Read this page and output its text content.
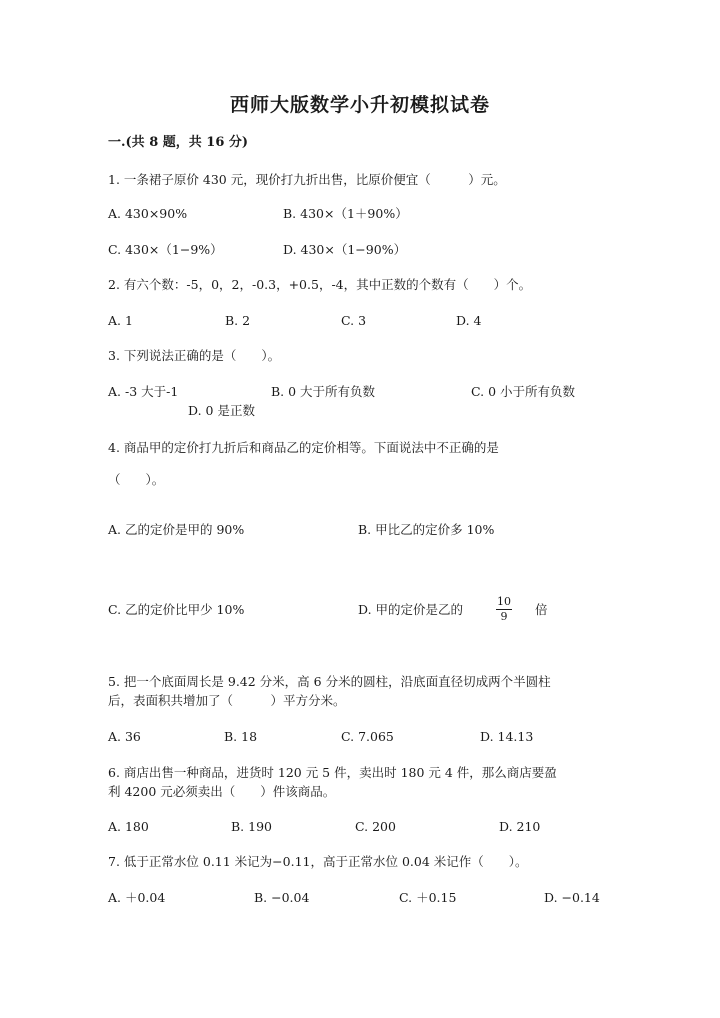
西师大版数学小升初模拟试卷
一.(共 8 题，共 16 分)
1. 一条裙子原价 430 元，现价打九折出售，比原价便宜（　　　）元。
A. 430×90%	B. 430×（1＋90%）
C. 430×（1−9%）	D. 430×（1−90%）
2. 有六个数：-5，0，2，-0.3，+0.5，-4，其中正数的个数有（　　）个。
A. 1	B. 2	C. 3	D. 4
3. 下列说法正确的是（　　）。
A. -3 大于-1	B. 0 大于所有负数	C. 0 小于所有负数
D. 0 是正数
4. 商品甲的定价打九折后和商品乙的定价相等。下面说法中不正确的是
（　　）。
A. 乙的定价是甲的 90%	B. 甲比乙的定价多 10%
C. 乙的定价比甲少 10%	D. 甲的定价是乙的
10
9 倍
5. 把一个底面周长是 9.42 分米，高 6 分米的圆柱，沿底面直径切成两个半圆柱
后，表面积共增加了（　　　）平方分米。
A. 36	B. 18	C. 7.065	D. 14.13
6. 商店出售一种商品，进货时 120 元 5 件，卖出时 180 元 4 件，那么商店要盈
利 4200 元必须卖出（　　）件该商品。
A. 180	B. 190	C. 200	D. 210
7. 低于正常水位 0.11 米记为−0.11，高于正常水位 0.04 米记作（　　）。
A. ＋0.04	B. −0.04	C. ＋0.15	D. −0.14
